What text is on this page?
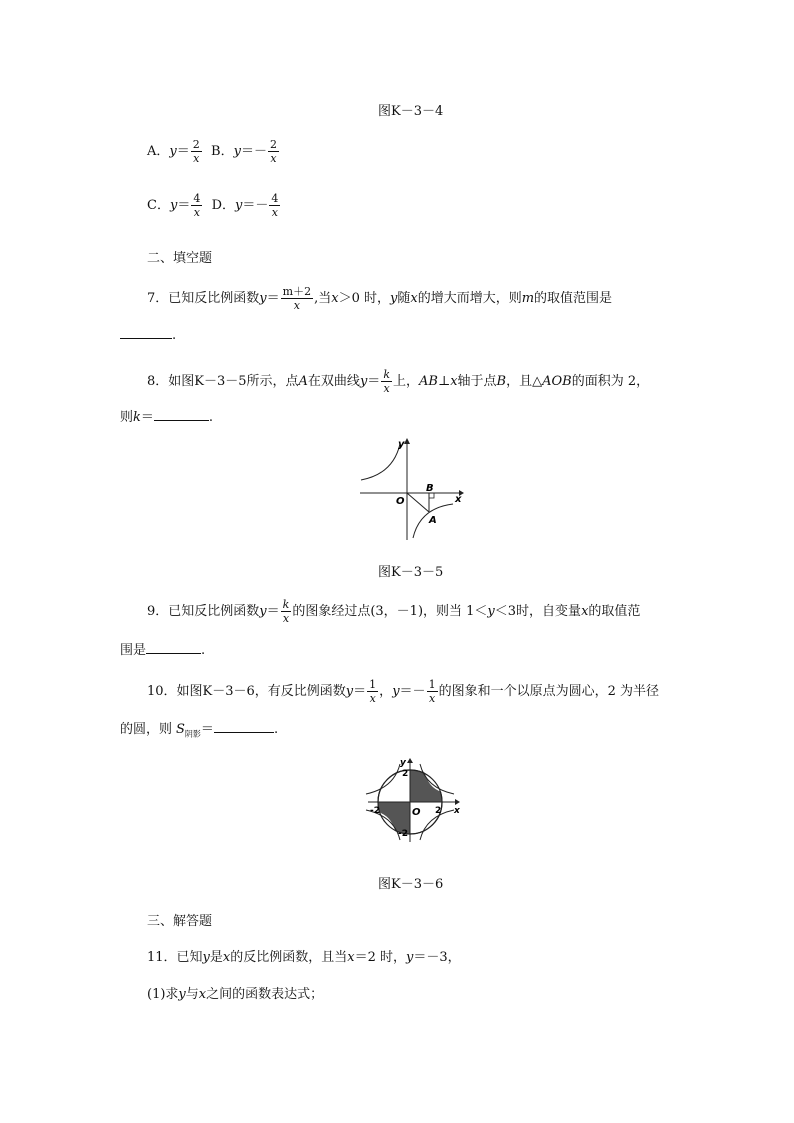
图K－3－4
A．$y= \frac{2}{x}$ B．$y=- \frac{2}{x}$
C．$y= \frac{4}{x}$ D．$y=- \frac{4}{x}$
二、填空题
7．已知反比例函数$y= \frac{m+2}{x}$ ,当x＞0 时，y随x的增大而增大，则m的取值范围是
.
8．如图K－3－5所示，点A在双曲线$y= \frac{k}{x}$ 上，AB⊥x轴于点B，且△AOB的面积为 2，
则k＝	.
y
x
O
B
A
图K－3－5
9．已知反比例函数$y= \frac{k}{x}$ 的图象经过点(3，－1)，则当 1＜y＜3时，自变量x的取值范
围是	.
10．如图K－3－6，有反比例函数$y= \frac{1}{x}$ ，$y=- \frac{1}{x}$ 的图象和一个以原点为圆心，2 为半径
的圆，则 $S_{阴影}=$	.
y
x
O
2
2
-2
-2
图K－3－6
三、解答题
11．已知y是x的反比例函数，且当x＝2 时，y＝－3，
(1)求y与x之间的函数表达式；
